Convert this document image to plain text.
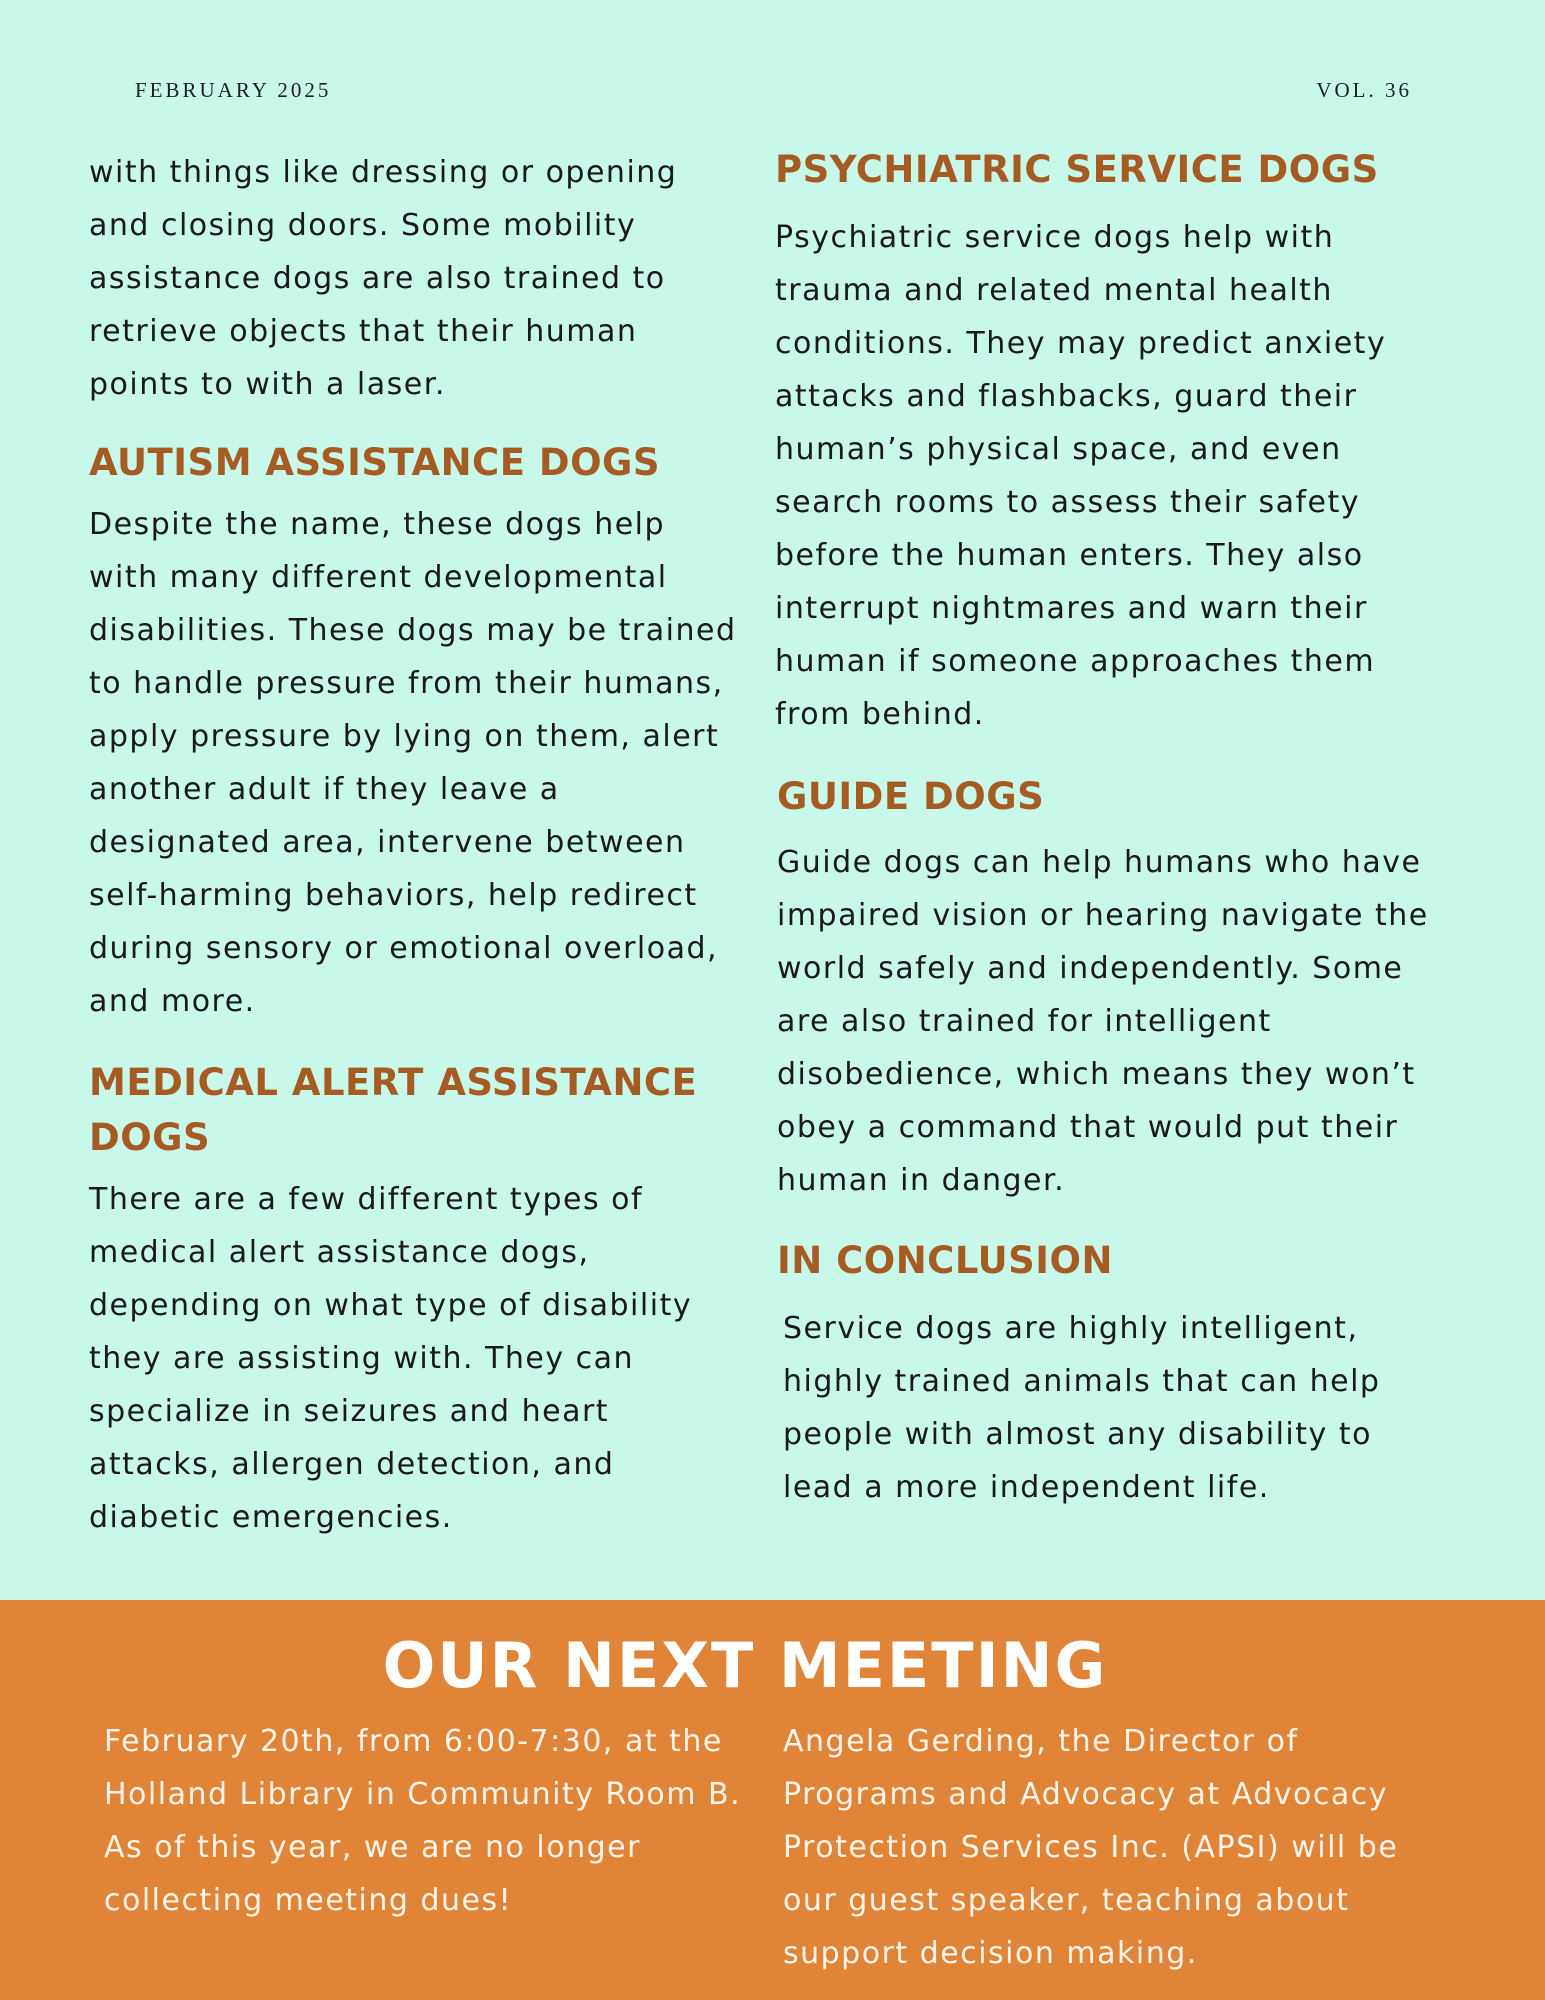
FEBRUARY 2025	VOL. 36

with things like dressing or opening and closing doors. Some mobility assistance dogs are also trained to retrieve objects that their human points to with a laser.

AUTISM ASSISTANCE DOGS

Despite the name, these dogs help with many different developmental disabilities. These dogs may be trained to handle pressure from their humans, apply pressure by lying on them, alert another adult if they leave a designated area, intervene between self-harming behaviors, help redirect during sensory or emotional overload, and more.

MEDICAL ALERT ASSISTANCE DOGS

There are a few different types of medical alert assistance dogs, depending on what type of disability they are assisting with. They can specialize in seizures and heart attacks, allergen detection, and diabetic emergencies.

PSYCHIATRIC SERVICE DOGS

Psychiatric service dogs help with trauma and related mental health conditions. They may predict anxiety attacks and flashbacks, guard their human’s physical space, and even search rooms to assess their safety before the human enters. They also interrupt nightmares and warn their human if someone approaches them from behind.

GUIDE DOGS

Guide dogs can help humans who have impaired vision or hearing navigate the world safely and independently. Some are also trained for intelligent disobedience, which means they won’t obey a command that would put their human in danger.

IN CONCLUSION

Service dogs are highly intelligent, highly trained animals that can help people with almost any disability to lead a more independent life.

OUR NEXT MEETING

February 20th, from 6:00-7:30, at the Holland Library in Community Room B. As of this year, we are no longer collecting meeting dues!

Angela Gerding, the Director of Programs and Advocacy at Advocacy Protection Services Inc. (APSI) will be our guest speaker, teaching about support decision making.
